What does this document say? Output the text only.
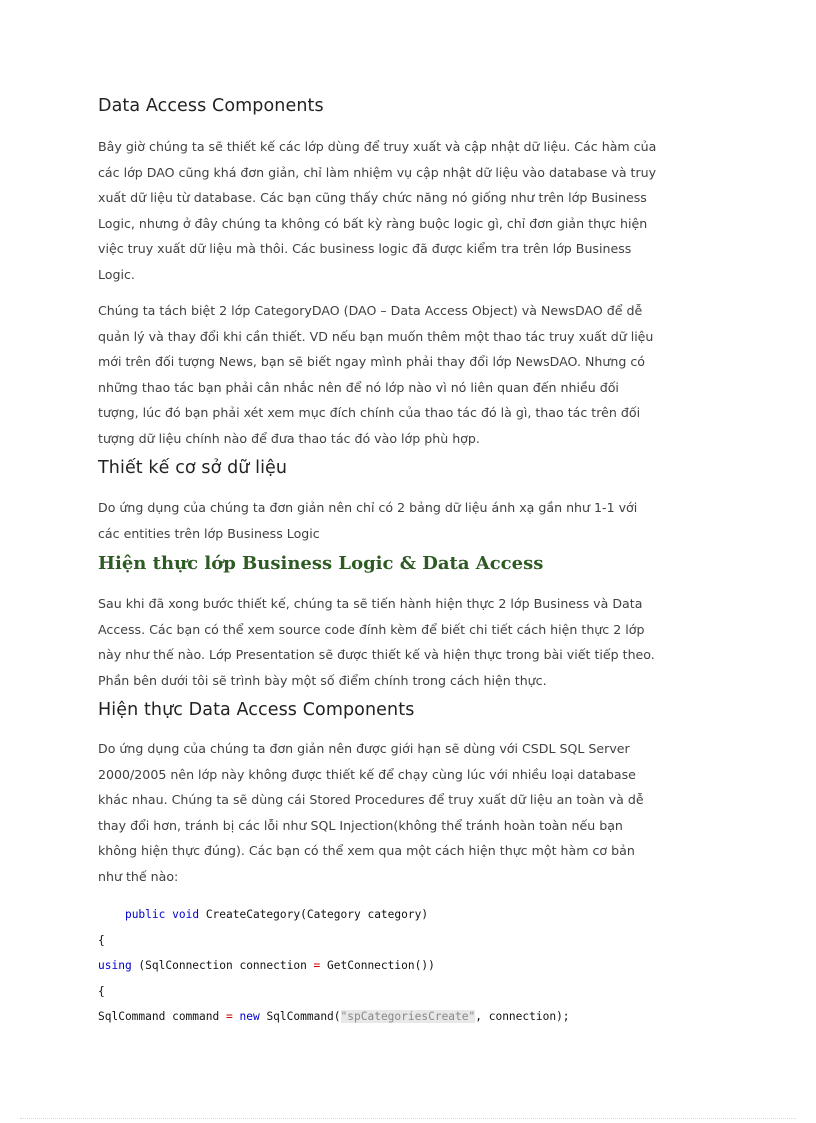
Data Access Components
Bây giờ chúng ta sẽ thiết kế các lớp dùng để truy xuất và cập nhật dữ liệu. Các hàm của
các lớp DAO cũng khá đơn giản, chỉ làm nhiệm vụ cập nhật dữ liệu vào database và truy
xuất dữ liệu từ database. Các bạn cũng thấy chức năng nó giống như trên lớp Business
Logic, nhưng ở đây chúng ta không có bất kỳ ràng buộc logic gì, chỉ đơn giản thực hiện
việc truy xuất dữ liệu mà thôi. Các business logic đã được kiểm tra trên lớp Business
Logic.
Chúng ta tách biệt 2 lớp CategoryDAO (DAO – Data Access Object) và NewsDAO để dễ
quản lý và thay đổi khi cần thiết. VD nếu bạn muốn thêm một thao tác truy xuất dữ liệu
mới trên đối tượng News, bạn sẽ biết ngay mình phải thay đổi lớp NewsDAO. Nhưng có
những thao tác bạn phải cân nhắc nên để nó lớp nào vì nó liên quan đến nhiều đối
tượng, lúc đó bạn phải xét xem mục đích chính của thao tác đó là gì, thao tác trên đối
tượng dữ liệu chính nào để đưa thao tác đó vào lớp phù hợp.
Thiết kế cơ sở dữ liệu
Do ứng dụng của chúng ta đơn giản nên chỉ có 2 bảng dữ liệu ánh xạ gần như 1-1 với
các entities trên lớp Business Logic
Hiện thực lớp Business Logic & Data Access
Sau khi đã xong bước thiết kế, chúng ta sẽ tiến hành hiện thực 2 lớp Business và Data
Access. Các bạn có thể xem source code đính kèm để biết chi tiết cách hiện thực 2 lớp
này như thế nào. Lớp Presentation sẽ được thiết kế và hiện thực trong bài viết tiếp theo.
Phần bên dưới tôi sẽ trình bày một số điểm chính trong cách hiện thực.
Hiện thực Data Access Components
Do ứng dụng của chúng ta đơn giản nên được giới hạn sẽ dùng với CSDL SQL Server
2000/2005 nên lớp này không được thiết kế để chạy cùng lúc với nhiều loại database
khác nhau. Chúng ta sẽ dùng cái Stored Procedures để truy xuất dữ liệu an toàn và dễ
thay đổi hơn, tránh bị các lỗi như SQL Injection(không thể tránh hoàn toàn nếu bạn
không hiện thực đúng). Các bạn có thể xem qua một cách hiện thực một hàm cơ bản
như thế nào:
public void CreateCategory(Category category)
{
using (SqlConnection connection = GetConnection())
{
SqlCommand command = new SqlCommand("spCategoriesCreate", connection);
